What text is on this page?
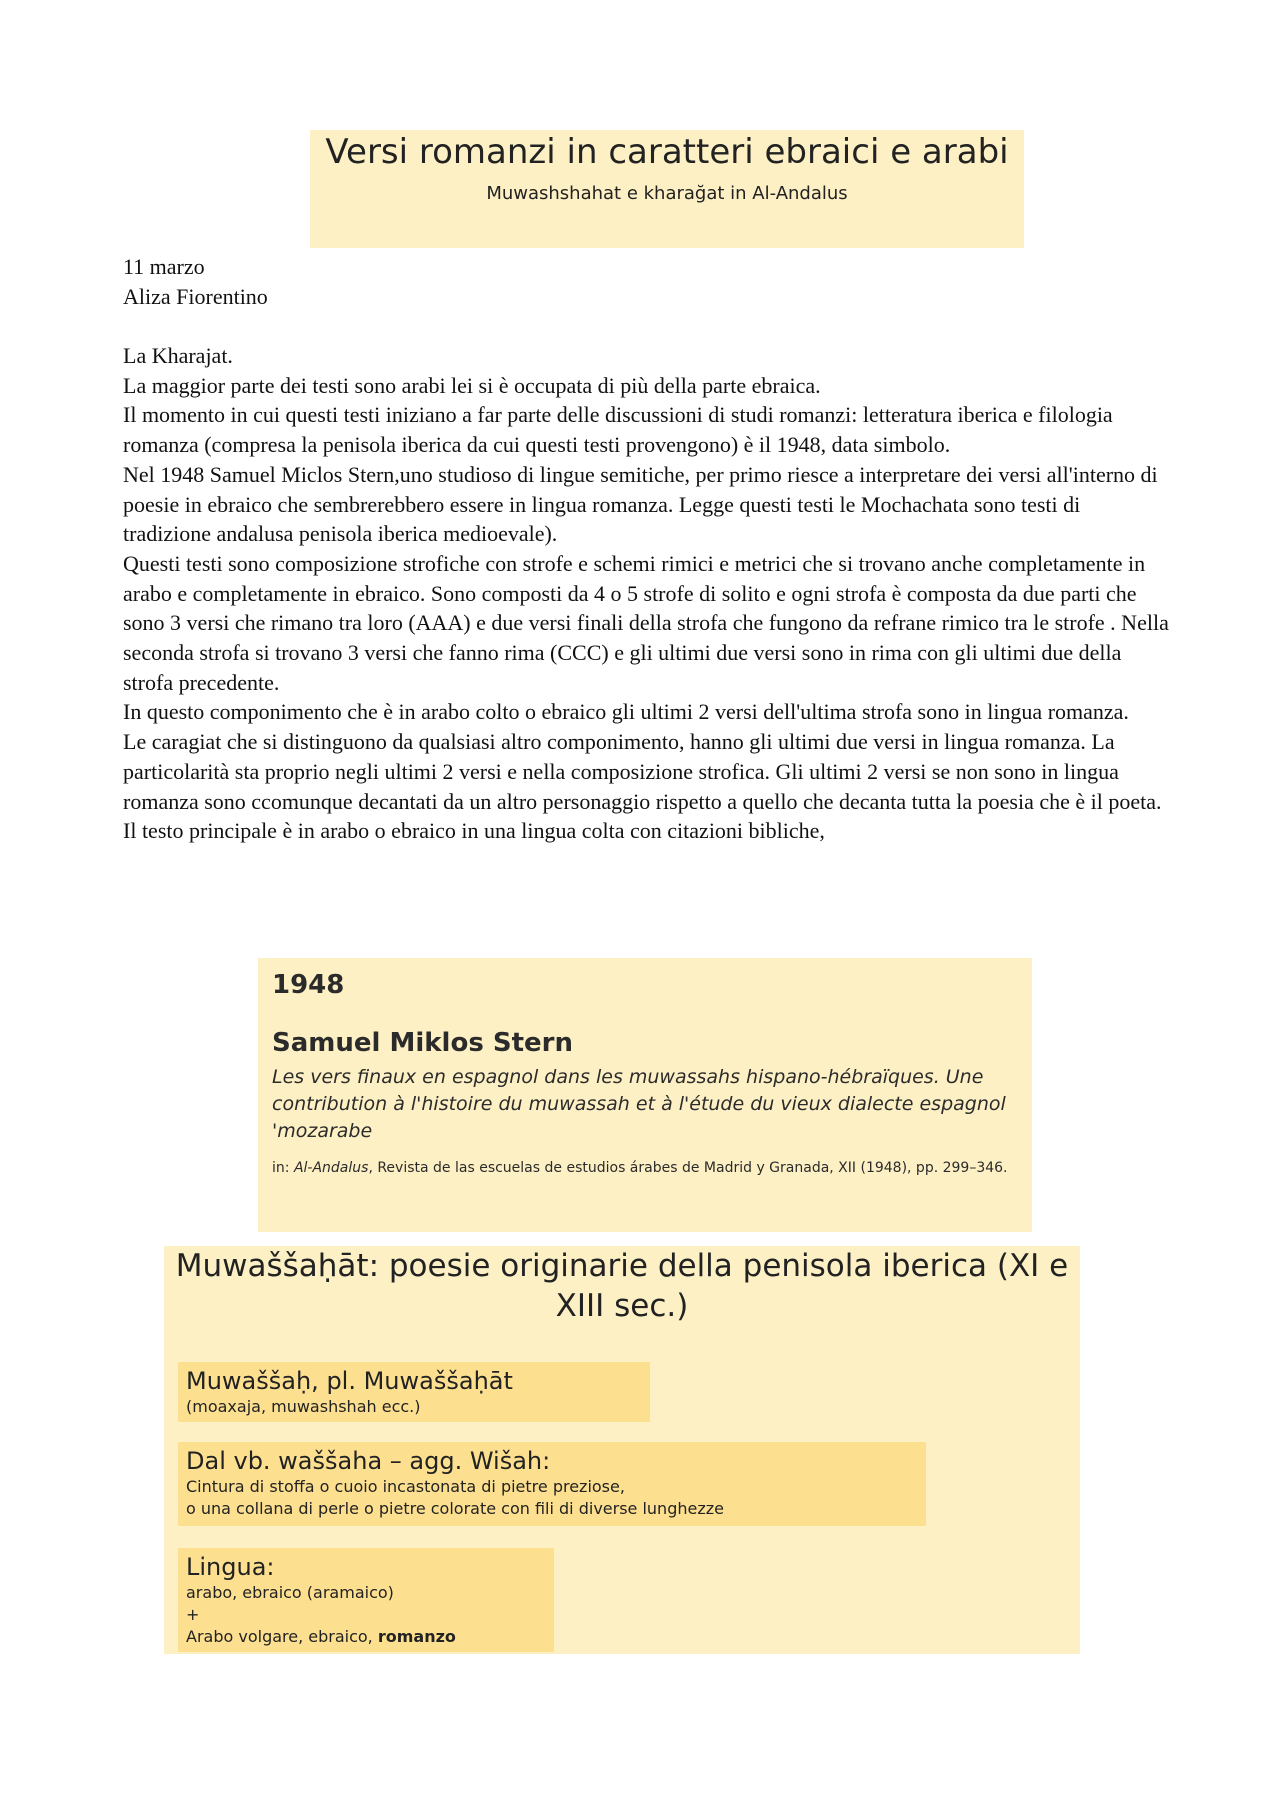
Versi romanzi in caratteri ebraici e arabi
Muwashshahat e kharağat in Al-Andalus
11 marzo
Aliza Fiorentino

La Kharajat.

La maggior parte dei testi sono arabi lei si è occupata di più della parte ebraica.

Il momento in cui questi testi iniziano a far parte delle discussioni di studi romanzi: letteratura iberica e filologia romanza (compresa la penisola iberica da cui questi testi provengono) è il 1948, data simbolo.

Nel 1948 Samuel Miclos Stern,uno studioso di lingue semitiche, per primo riesce a interpretare dei versi all'interno di poesie in ebraico che sembrerebbero essere in lingua romanza. Legge questi testi le Mochachata sono testi di tradizione andalusa penisola iberica medioevale).

Questi testi sono composizione strofiche con strofe e schemi rimici e metrici che si trovano anche completamente in arabo e completamente in ebraico. Sono composti da 4 o 5 strofe di solito e ogni strofa è composta da due parti che sono 3 versi che rimano tra loro (AAA) e due versi finali della strofa che fungono da refrane rimico tra le strofe . Nella seconda strofa si trovano 3 versi che fanno rima (CCC) e gli ultimi due versi sono in rima con gli ultimi due della strofa precedente.

In questo componimento che è in arabo colto o ebraico gli ultimi 2 versi dell'ultima strofa sono in lingua romanza.

Le caragiat che si distinguono da qualsiasi altro componimento, hanno gli ultimi due versi in lingua romanza. La particolarità sta proprio negli ultimi 2 versi e nella composizione strofica. Gli ultimi 2 versi se non sono in lingua romanza sono ccomunque decantati da un altro personaggio rispetto a quello che decanta tutta la poesia che è il poeta.

Il testo principale è in arabo o ebraico in una lingua colta con citazioni bibliche,

1948
Samuel Miklos Stern
Les vers finaux en espagnol dans les muwassahs hispano-hébraïques. Une contribution à l'histoire du muwassah et à l'étude du vieux dialecte espagnol 'mozarabe
in: Al-Andalus, Revista de las escuelas de estudios árabes de Madrid y Granada, XII (1948), pp. 299–346.
Muwaššaḥāt: poesie originarie della penisola iberica (XI e XIII sec.)
Muwaššaḥ, pl. Muwaššaḥāt
(moaxaja, muwashshah ecc.)
Dal vb. waššaha – agg. Wišah:
Cintura di stoffa o cuoio incastonata di pietre preziose,
o una collana di perle o pietre colorate con fili di diverse lunghezze
Lingua:
arabo, ebraico (aramaico)
+
Arabo volgare, ebraico, romanzo
